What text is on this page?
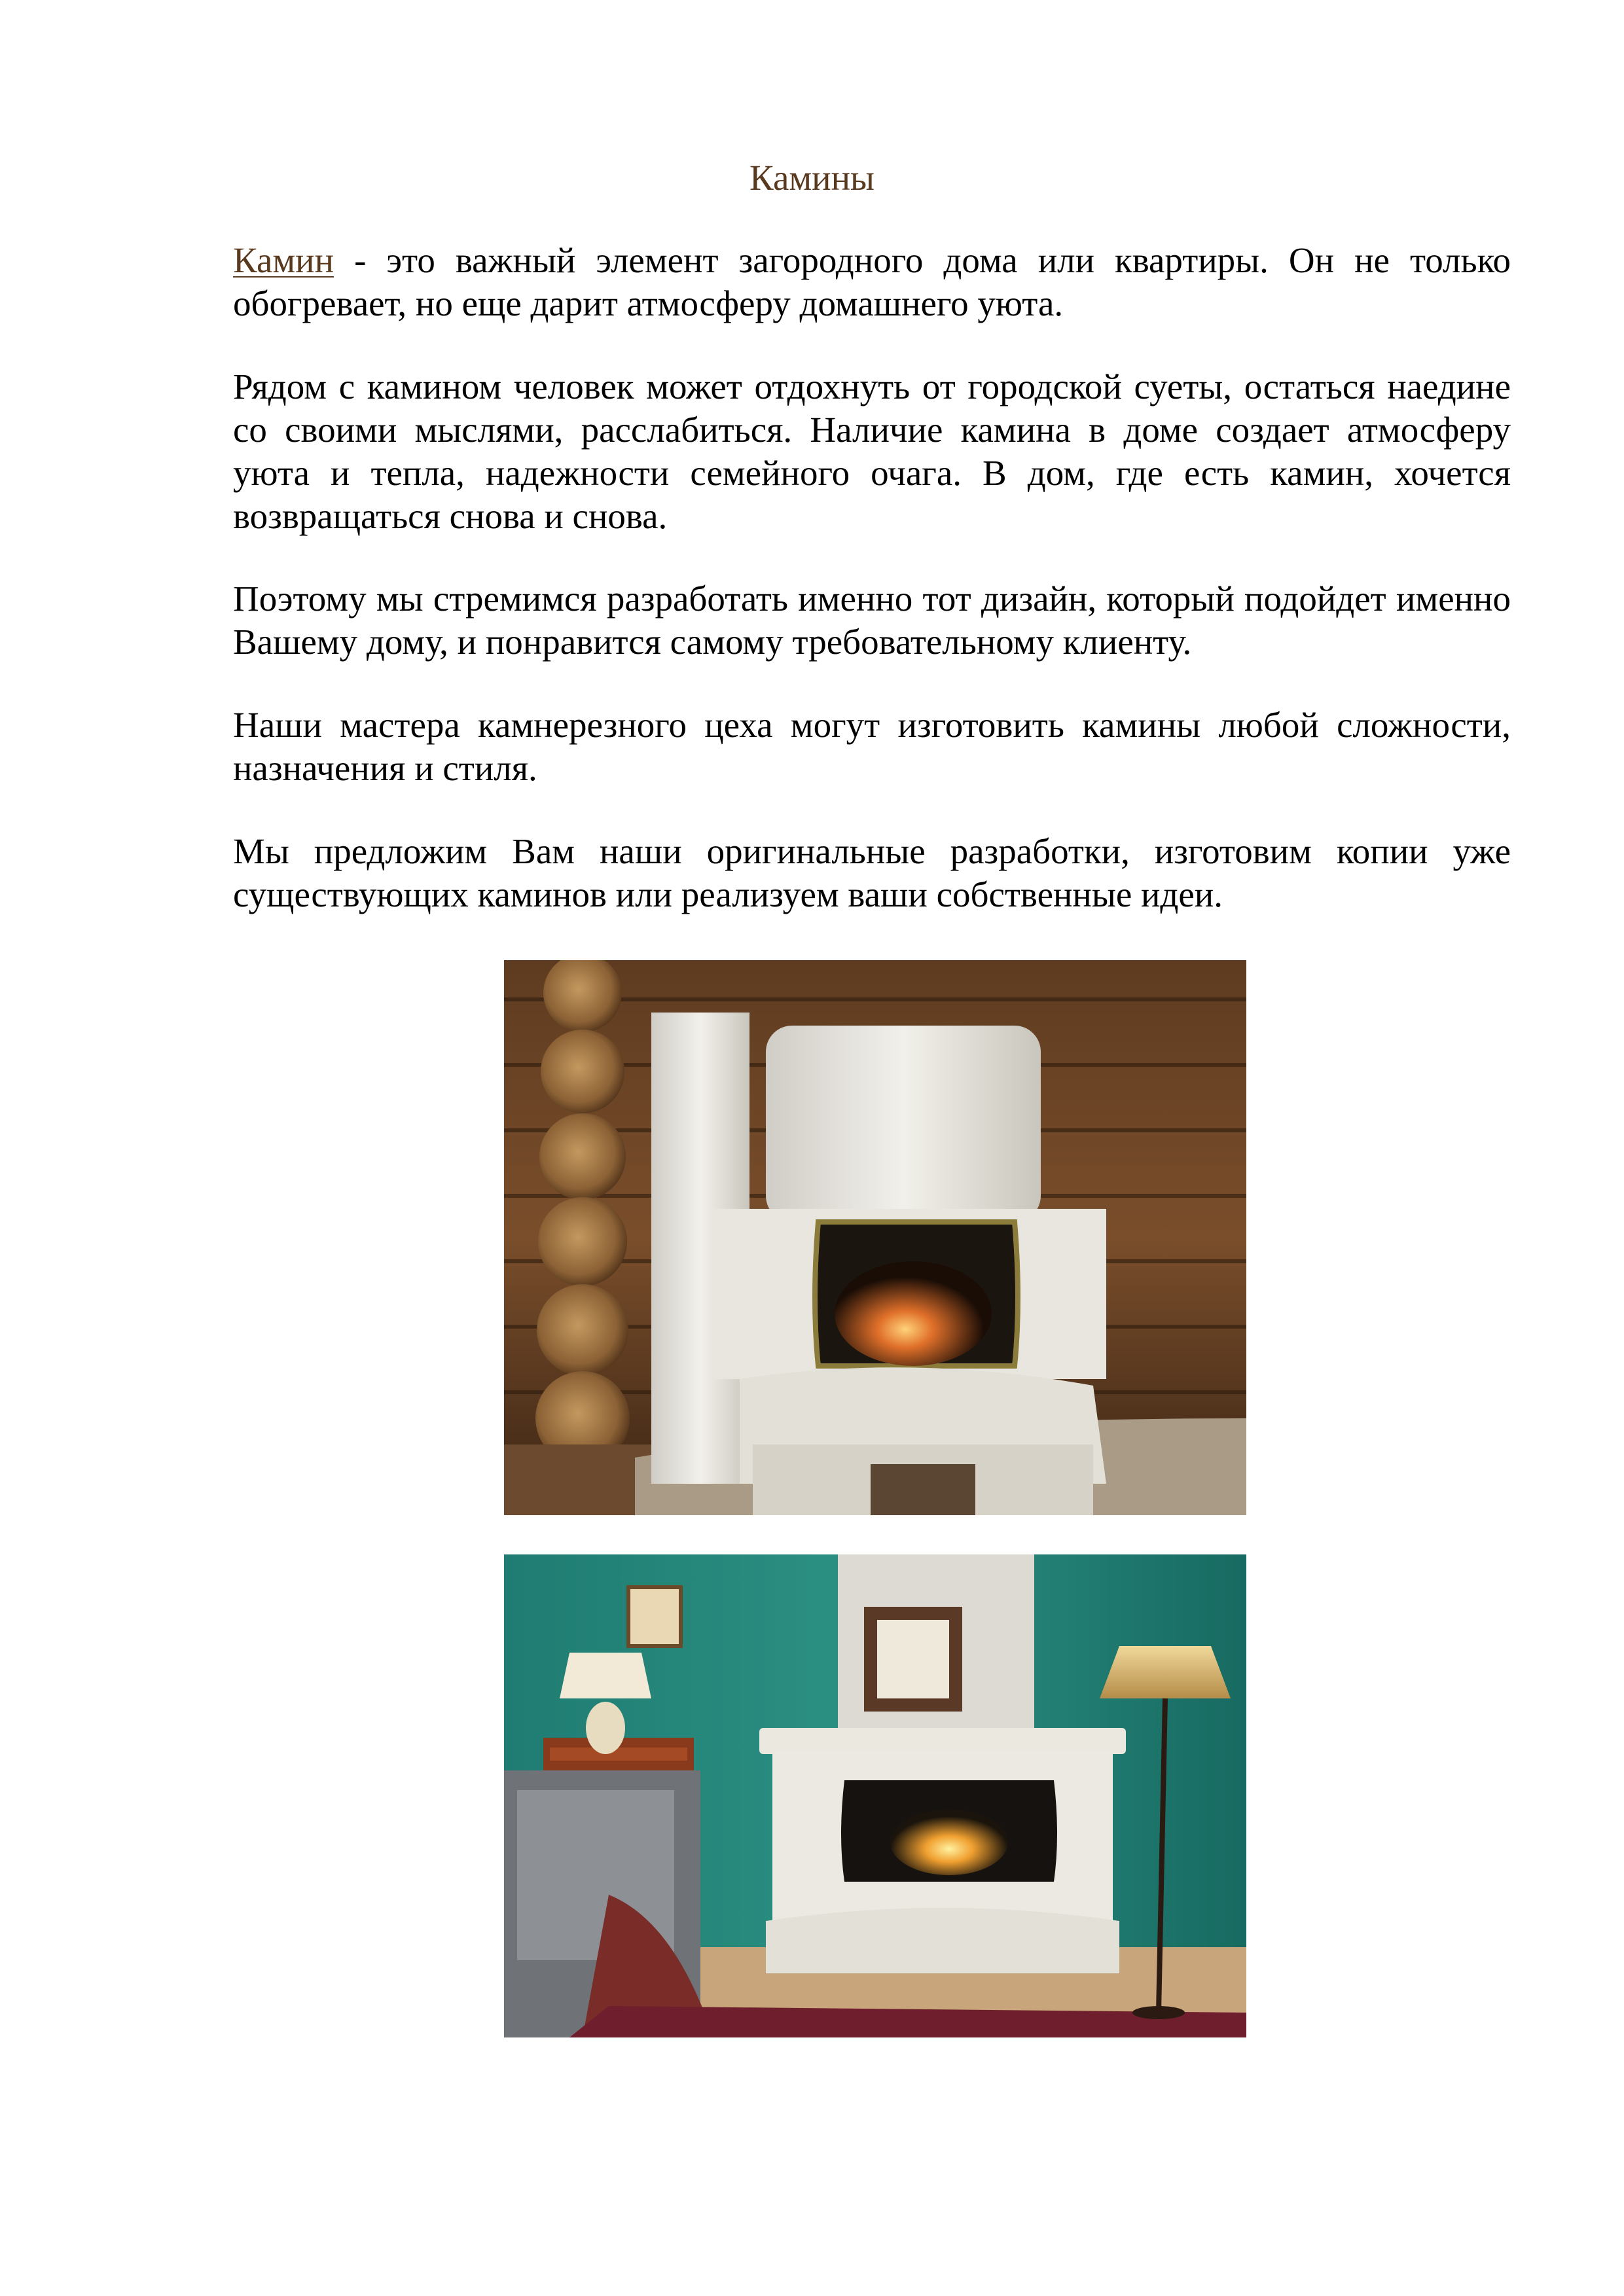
Камины

Камин - это важный элемент загородного дома или квартиры. Он не только обогревает, но еще дарит атмосферу домашнего уюта.

Рядом с камином человек может отдохнуть от городской суеты, остаться наедине со своими мыслями, расслабиться. Наличие камина в доме создает атмосферу уюта и тепла, надежности семейного очага. В дом, где есть камин, хочется возвращаться снова и снова.

Поэтому мы стремимся разработать именно тот дизайн, который подойдет именно Вашему дому, и понравится самому требовательному клиенту.

Наши мастера камнерезного цеха могут изготовить камины любой сложности, назначения и стиля.

Мы предложим Вам наши оригинальные разработки, изготовим копии уже существующих каминов или реализуем ваши собственные идеи.
